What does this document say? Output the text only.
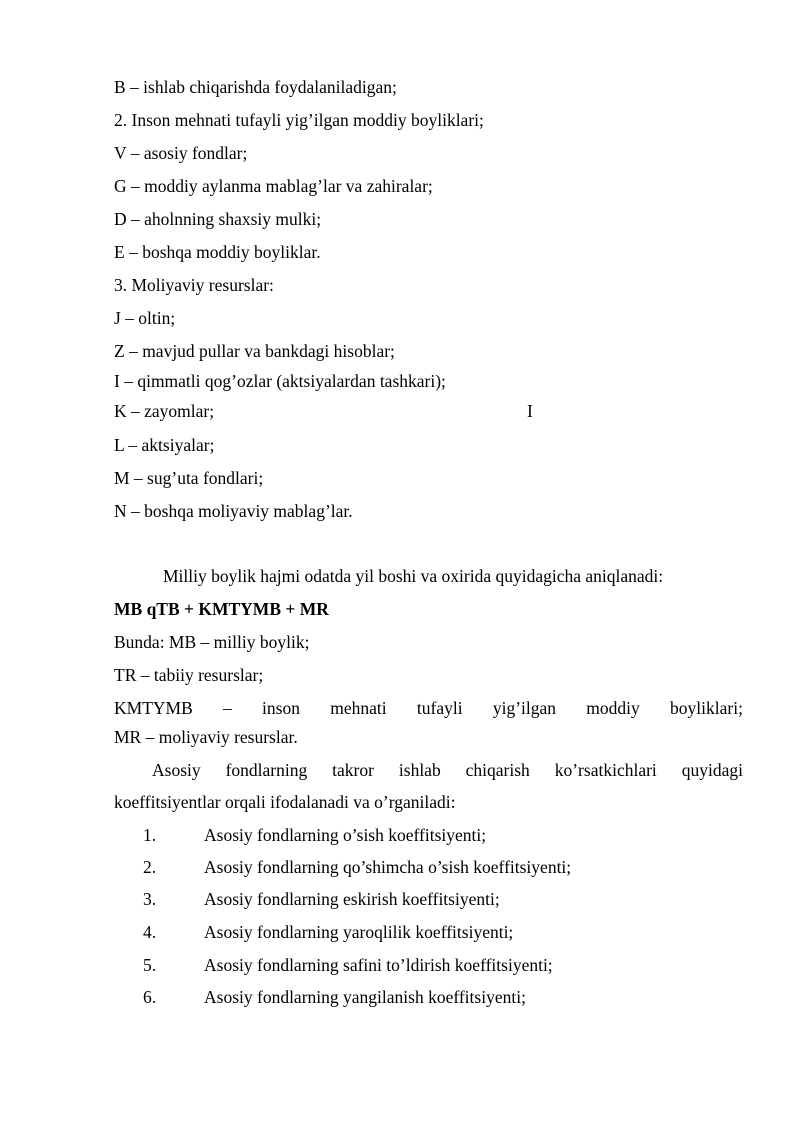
B – ishlab chiqarishda foydalaniladigan;
2. Inson mehnati tufayli yig’ilgan moddiy boyliklari;
V – asosiy fondlar;
G – moddiy aylanma mablag’lar va zahiralar;
D – aholnning shaxsiy mulki;
E – boshqa moddiy boyliklar.
3. Moliyaviy resurslar:
J – oltin;
Z – mavjud pullar va bankdagi hisoblar;
I – qimmatli qog’ozlar (aktsiyalardan tashkari);
K – zayomlar;	I
L – aktsiyalar;
M – sug’uta fondlari;
N – boshqa moliyaviy mablag’lar.
Milliy boylik hajmi odatda yil boshi va oxirida quyidagicha aniqlanadi:
MB qTB + KMTYMB + MR
Bunda: MB – milliy boylik;
TR – tabiiy resurslar;
KMTYMB – inson mehnati tufayli yig’ilgan moddiy boyliklari;
MR – moliyaviy resurslar.
Asosiy fondlarning takror ishlab chiqarish ko’rsatkichlari quyidagi
koeffitsiyentlar orqali ifodalanadi va o’rganiladi:
1.	Asosiy fondlarning o’sish koeffitsiyenti;
2.	Asosiy fondlarning qo’shimcha o’sish koeffitsiyenti;
3.	Asosiy fondlarning eskirish koeffitsiyenti;
4.	Asosiy fondlarning yaroqlilik koeffitsiyenti;
5.	Asosiy fondlarning safini to’ldirish koeffitsiyenti;
6.	Asosiy fondlarning yangilanish koeffitsiyenti;
